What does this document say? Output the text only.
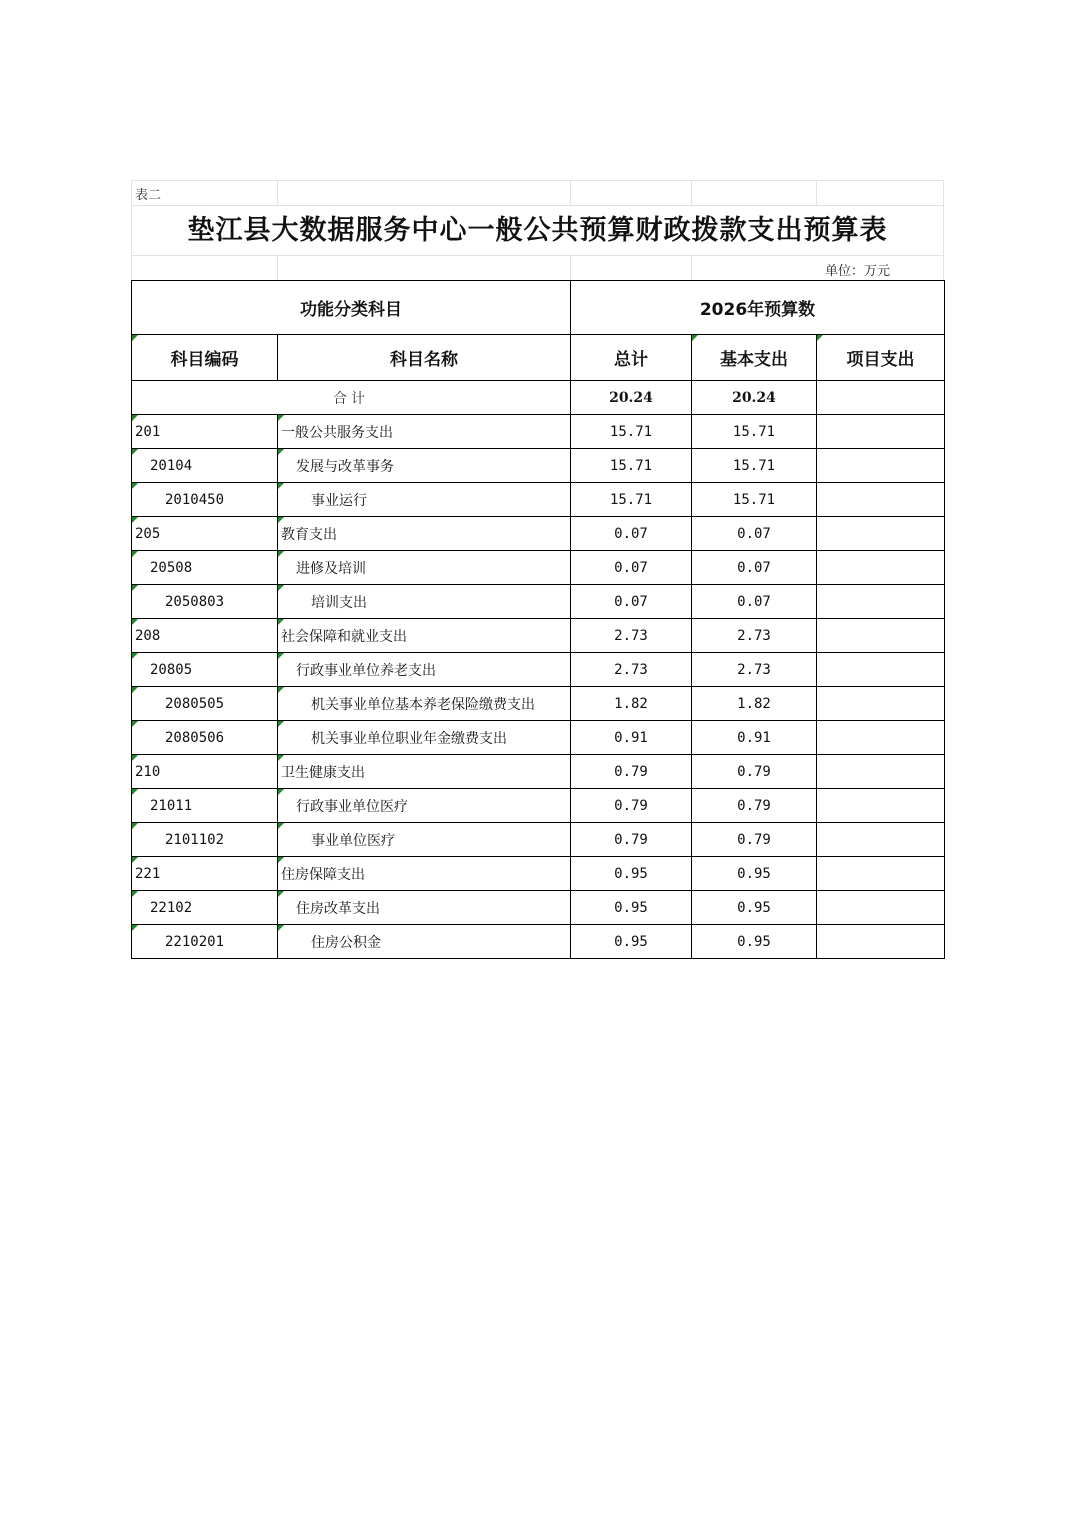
表二
垫江县大数据服务中心一般公共预算财政拨款支出预算表
单位：万元
功能分类科目		2026年预算数		
科目编码	科目名称	总计	基本支出	项目支出
合计		20.24	20.24	
201	一般公共服务支出	15.71	15.71	
20104	发展与改革事务	15.71	15.71	
2010450	事业运行	15.71	15.71	
205	教育支出	0.07	0.07	
20508	进修及培训	0.07	0.07	
2050803	培训支出	0.07	0.07	
208	社会保障和就业支出	2.73	2.73	
20805	行政事业单位养老支出	2.73	2.73	
2080505	机关事业单位基本养老保险缴费支出	1.82	1.82	
2080506	机关事业单位职业年金缴费支出	0.91	0.91	
210	卫生健康支出	0.79	0.79	
21011	行政事业单位医疗	0.79	0.79	
2101102	事业单位医疗	0.79	0.79	
221	住房保障支出	0.95	0.95	
22102	住房改革支出	0.95	0.95	
2210201	住房公积金	0.95	0.95	
